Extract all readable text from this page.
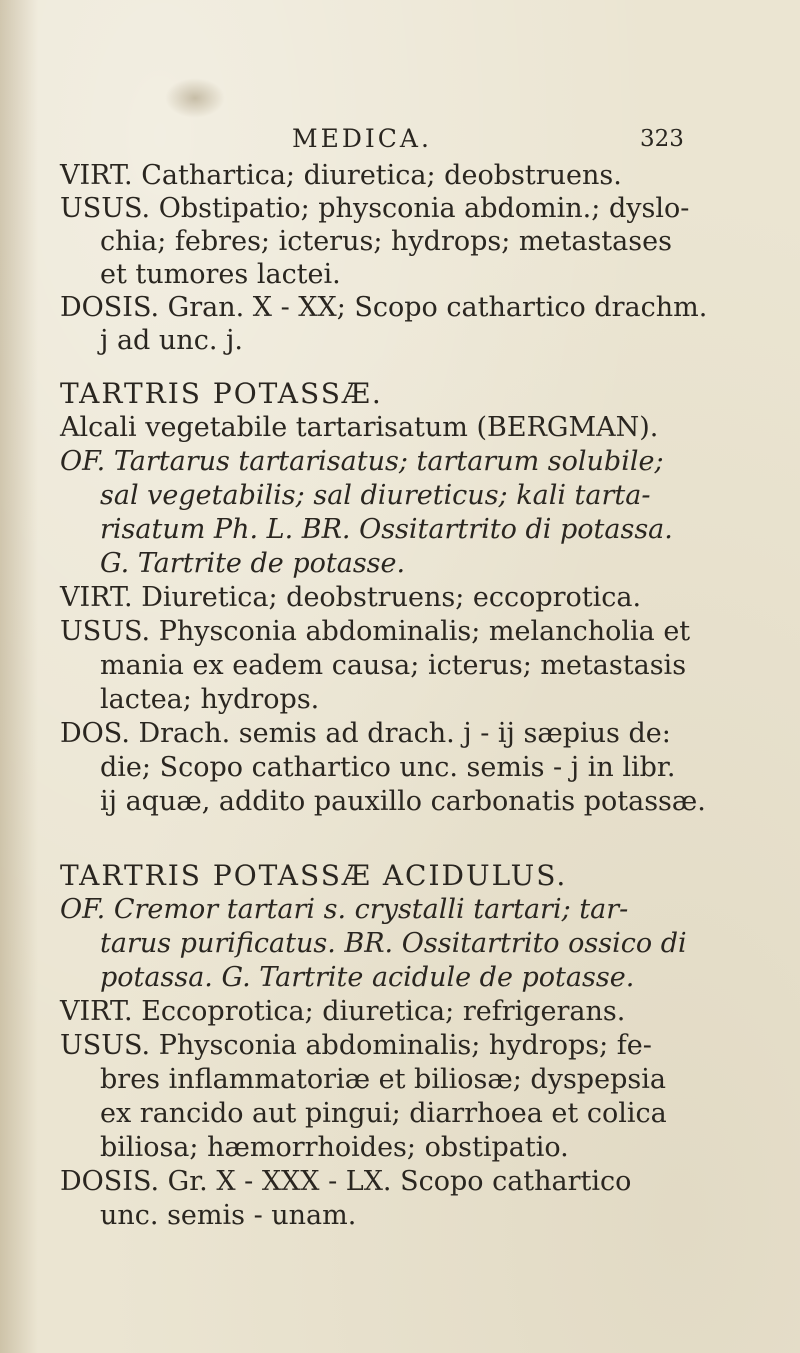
MEDICA.	323
VIRT. Cathartica; diuretica; deobstruens.
USUS. Obstipatio; physconia abdomin.; dyslo-
chia; febres; icterus; hydrops; metastases
et tumores lactei.
DOSIS. Gran. X - XX; Scopo cathartico drachm.
j ad unc. j.
TARTRIS POTASSÆ.
Alcali vegetabile tartarisatum (BERGMAN).
OF. Tartarus tartarisatus; tartarum solubile;
sal vegetabilis; sal diureticus; kali tarta-
risatum Ph. L. BR. Ossitartrito di potassa.
G. Tartrite de potasse.
VIRT. Diuretica; deobstruens; eccoprotica.
USUS. Physconia abdominalis; melancholia et
mania ex eadem causa; icterus; metastasis
lactea; hydrops.
DOS. Drach. semis ad drach. j - ij sæpius de:
die; Scopo cathartico unc. semis - j in libr.
ij aquæ, addito pauxillo carbonatis potassæ.
TARTRIS POTASSÆ ACIDULUS.
OF. Cremor tartari s. crystalli tartari; tar-
tarus purificatus. BR. Ossitartrito ossico di
potassa. G. Tartrite acidule de potasse.
VIRT. Eccoprotica; diuretica; refrigerans.
USUS. Physconia abdominalis; hydrops; fe-
bres inflammatoriæ et biliosæ; dyspepsia
ex rancido aut pingui; diarrhoea et colica
biliosa; hæmorrhoides; obstipatio.
DOSIS. Gr. X - XXX - LX. Scopo cathartico
unc. semis - unam.
